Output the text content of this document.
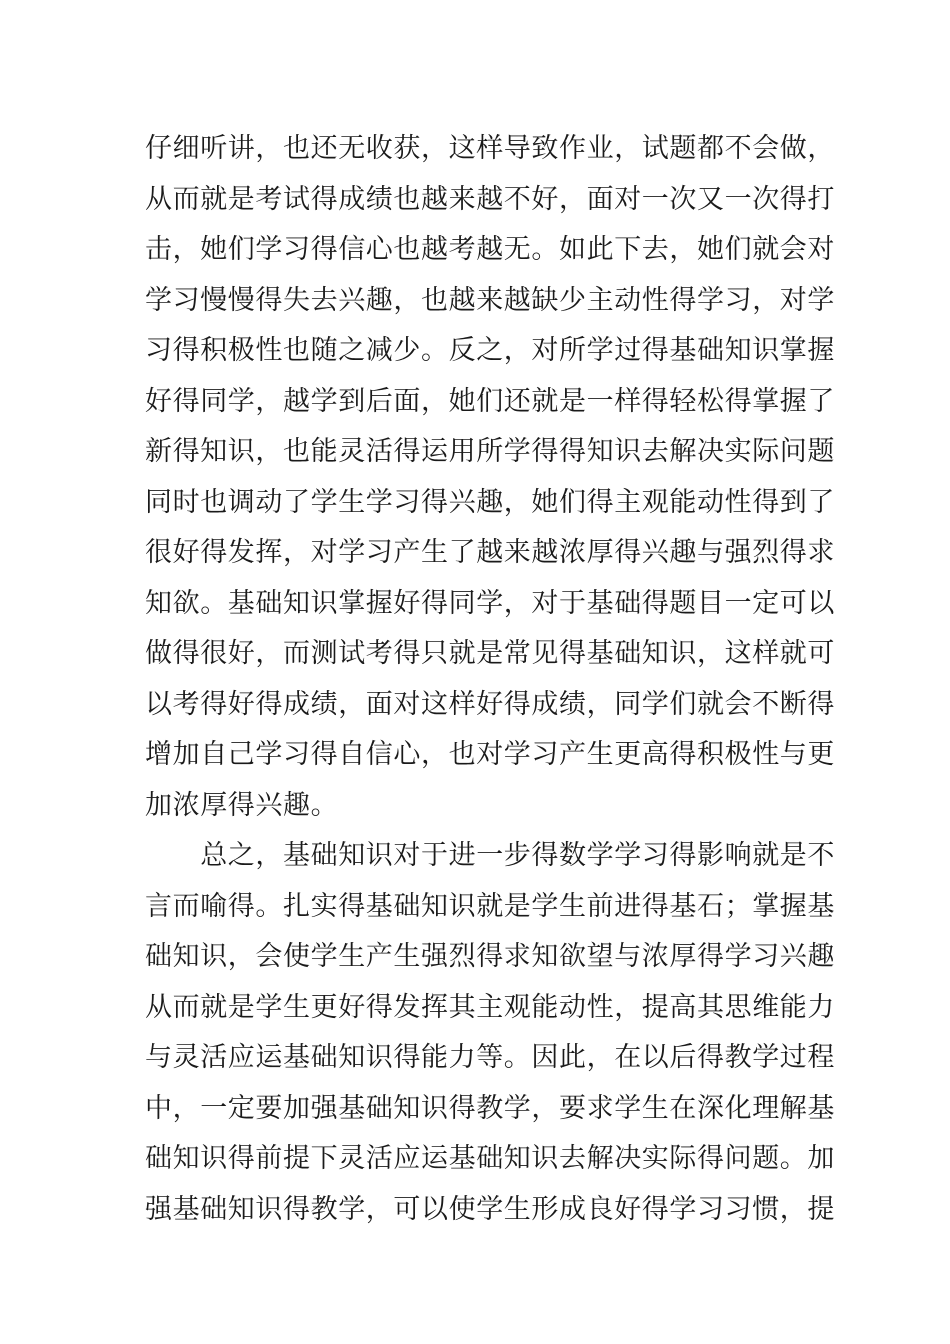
仔细听讲，也还无收获，这样导致作业，试题都不会做，
从而就是考试得成绩也越来越不好，面对一次又一次得打
击，她们学习得信心也越考越无。如此下去，她们就会对
学习慢慢得失去兴趣，也越来越缺少主动性得学习，对学
习得积极性也随之减少。反之，对所学过得基础知识掌握
好得同学，越学到后面，她们还就是一样得轻松得掌握了
新得知识，也能灵活得运用所学得得知识去解决实际问题
同时也调动了学生学习得兴趣，她们得主观能动性得到了
很好得发挥，对学习产生了越来越浓厚得兴趣与强烈得求
知欲。基础知识掌握好得同学，对于基础得题目一定可以
做得很好，而测试考得只就是常见得基础知识，这样就可
以考得好得成绩，面对这样好得成绩，同学们就会不断得
增加自己学习得自信心，也对学习产生更高得积极性与更
加浓厚得兴趣。
　　总之，基础知识对于进一步得数学学习得影响就是不
言而喻得。扎实得基础知识就是学生前进得基石；掌握基
础知识，会使学生产生强烈得求知欲望与浓厚得学习兴趣
从而就是学生更好得发挥其主观能动性，提高其思维能力
与灵活应运基础知识得能力等。因此，在以后得教学过程
中，一定要加强基础知识得教学，要求学生在深化理解基
础知识得前提下灵活应运基础知识去解决实际得问题。加
强基础知识得教学，可以使学生形成良好得学习习惯，提
